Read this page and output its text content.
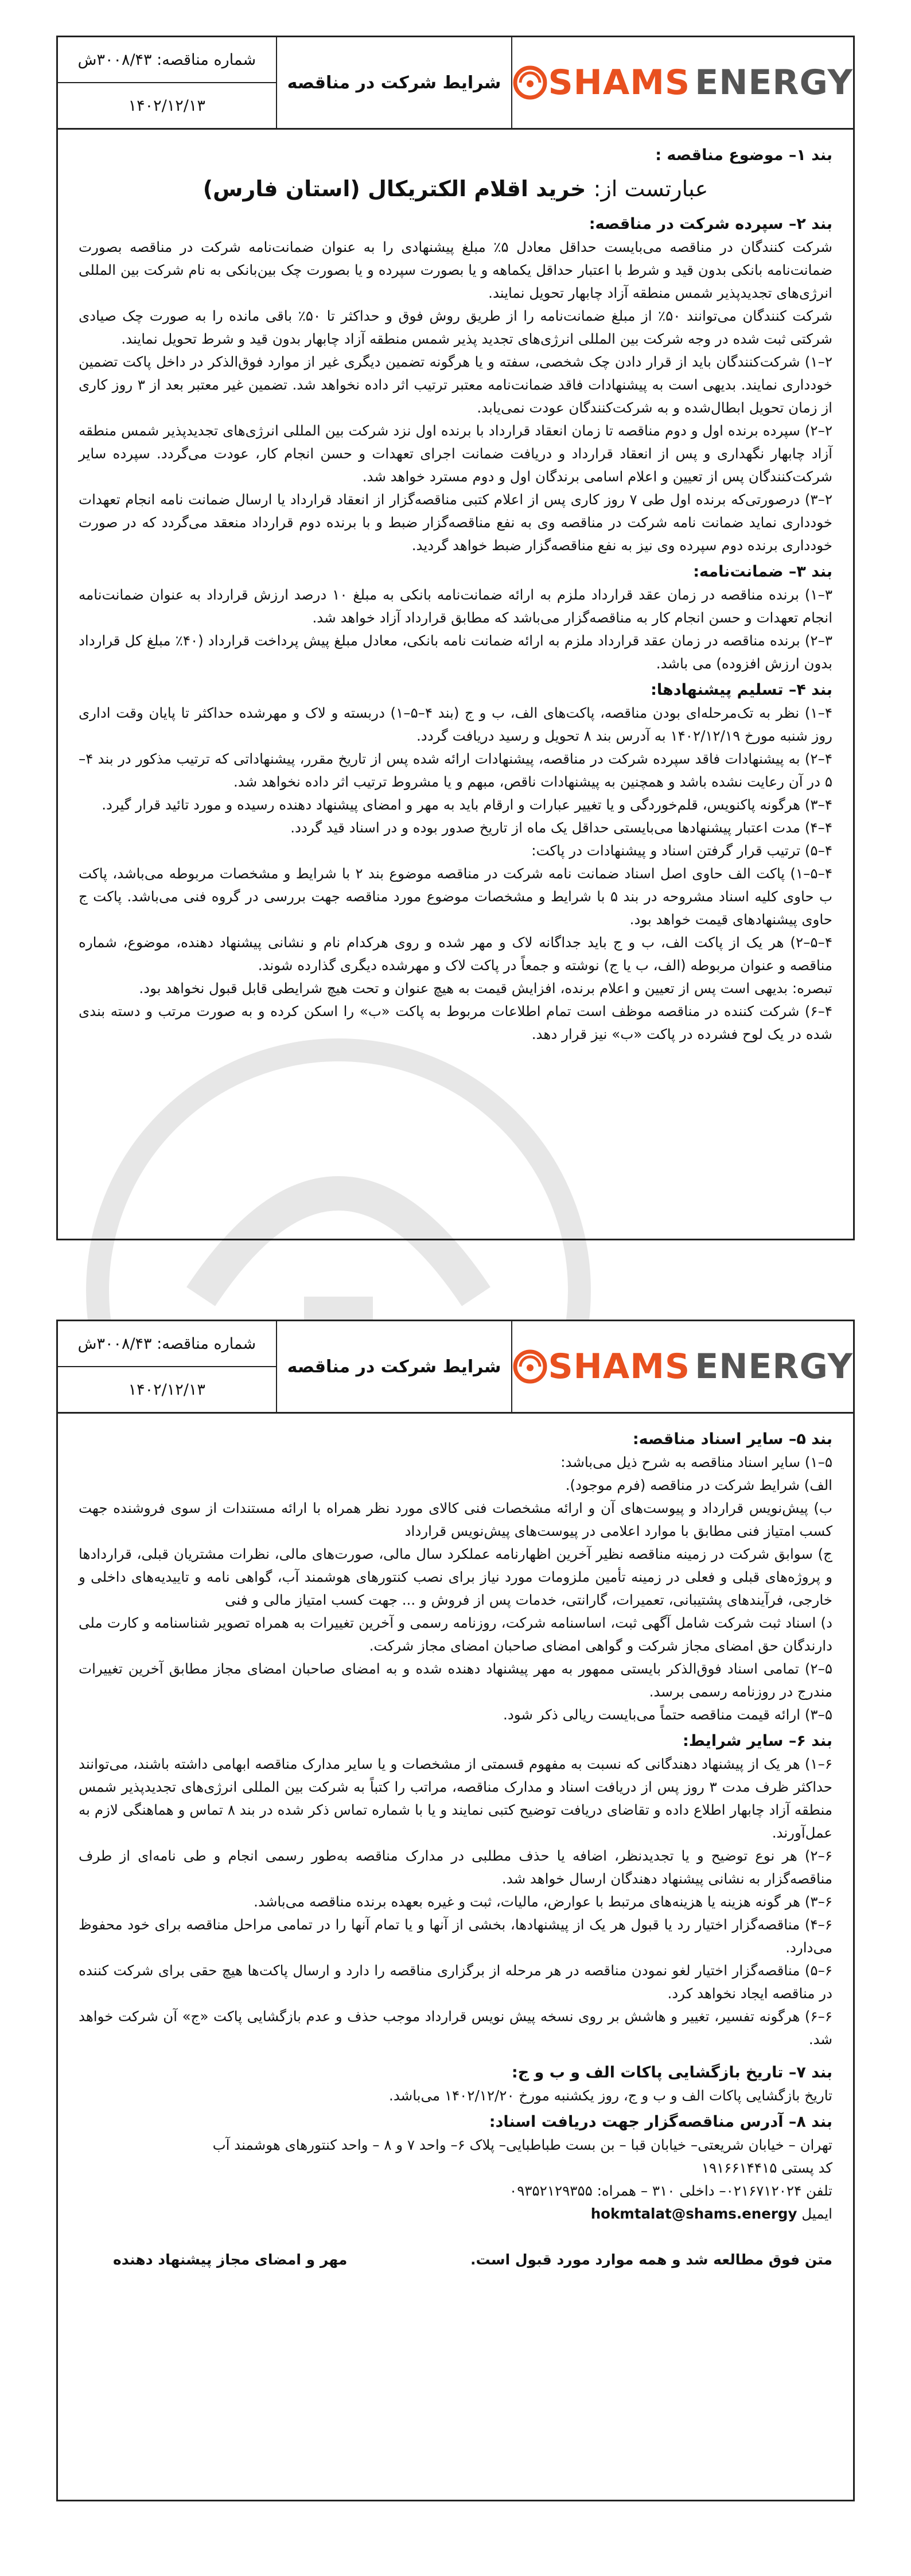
شماره مناقصه: ۳۰۰۸/۴۳ش
۱۴۰۲/۱۲/۱۳
شرایط شرکت در مناقصه	SHAMS ENERGY
بند ۱– موضوع مناقصه :
عبارتست از: خرید اقلام الکتریکال (استان فارس)
بند ۲– سپرده شرکت در مناقصه:

شرکت کنندگان در مناقصه می‌بایست حداقل معادل ۵٪ مبلغ پیشنهادی را به عنوان ضمانت‌نامه شرکت در مناقصه بصورت ضمانت‌نامه بانکی بدون قید و شرط با اعتبار حداقل یکماهه و یا بصورت سپرده و یا بصورت چک بین‌بانکی به نام شرکت بین المللی انرژی‌های تجدیدپذیر شمس منطقه آزاد چابهار تحویل نمایند.

شرکت کنندگان می‌توانند ۵۰٪ از مبلغ ضمانت‌نامه را از طریق روش فوق و حداکثر تا ۵۰٪ باقی مانده را به صورت چک صیادی شرکتی ثبت شده در وجه شرکت بین المللی انرژی‌های تجدید پذیر شمس منطقه آزاد چابهار بدون قید و شرط تحویل نمایند.

۲–۱) شرکت‌کنندگان باید از قرار دادن چک شخصی، سفته و یا هرگونه تضمین دیگری غیر از موارد فوق‌الذکر در داخل پاکت تضمین خودداری نمایند. بدیهی است به پیشنهادات فاقد ضمانت‌نامه معتبر ترتیب اثر داده نخواهد شد. تضمین غیر معتبر بعد از ۳ روز کاری از زمان تحویل ابطال‌شده و به شرکت‌کنندگان عودت نمی‌یابد.

۲–۲) سپرده برنده اول و دوم مناقصه تا زمان انعقاد قرارداد با برنده اول نزد شرکت بین المللی انرژی‌های تجدیدپذیر شمس منطقه آزاد چابهار نگهداری و پس از انعقاد قرارداد و دریافت ضمانت اجرای تعهدات و حسن انجام کار، عودت می‌گردد. سپرده سایر شرکت‌کنندگان پس از تعیین و اعلام اسامی برندگان اول و دوم مسترد خواهد شد.

۲–۳) درصورتی‌که برنده اول طی ۷ روز کاری پس از اعلام کتبی مناقصه‌گزار از انعقاد قرارداد یا ارسال ضمانت نامه انجام تعهدات خودداری نماید ضمانت نامه شرکت در مناقصه وی به نفع مناقصه‌گزار ضبط و با برنده دوم قرارداد منعقد می‌گردد که در صورت خودداری برنده دوم سپرده وی نیز به نفع مناقصه‌گزار ضبط خواهد گردید.

بند ۳– ضمانت‌نامه:

۳–۱) برنده مناقصه در زمان عقد قرارداد ملزم به ارائه ضمانت‌نامه بانکی به مبلغ ۱۰ درصد ارزش قرارداد به عنوان ضمانت‌نامه انجام تعهدات و حسن انجام کار به مناقصه‌گزار می‌باشد که مطابق قرارداد آزاد خواهد شد.

۳–۲) برنده مناقصه در زمان عقد قرارداد ملزم به ارائه ضمانت نامه بانکی، معادل مبلغ پیش پرداخت قرارداد (۴۰٪ مبلغ کل قرارداد بدون ارزش افزوده) می باشد.

بند ۴– تسلیم پیشنهادها:

۴–۱) نظر به تک‌مرحله‌ای بودن مناقصه، پاکت‌های الف، ب و ج (بند ۴–۵–۱) دربسته و لاک و مهرشده حداکثر تا پایان وقت اداری روز شنبه مورخ ۱۴۰۲/۱۲/۱۹ به آدرس بند ۸ تحویل و رسید دریافت گردد.

۴–۲) به پیشنهادات فاقد سپرده شرکت در مناقصه، پیشنهادات ارائه شده پس از تاریخ مقرر، پیشنهاداتی که ترتیب مذکور در بند ۴–۵ در آن رعایت نشده باشد و همچنین به پیشنهادات ناقص، مبهم و یا مشروط ترتیب اثر داده نخواهد شد.

۴–۳) هرگونه پاکنویس، قلم‌خوردگی و یا تغییر عبارات و ارقام باید به مهر و امضای پیشنهاد دهنده رسیده و مورد تائید قرار گیرد.

۴–۴) مدت اعتبار پیشنهادها می‌بایستی حداقل یک ماه از تاریخ صدور بوده و در اسناد قید گردد.

۴–۵) ترتیب قرار گرفتن اسناد و پیشنهادات در پاکت:

۴–۵–۱) پاکت الف حاوی اصل اسناد ضمانت نامه شرکت در مناقصه موضوع بند ۲ با شرایط و مشخصات مربوطه می‌باشد، پاکت ب حاوی کلیه اسناد مشروحه در بند ۵ با شرایط و مشخصات موضوع مورد مناقصه جهت بررسی در گروه فنی می‌باشد. پاکت ج حاوی پیشنهادهای قیمت خواهد بود.

۴–۵–۲) هر یک از پاکت الف، ب و ج باید جداگانه لاک و مهر شده و روی هرکدام نام و نشانی پیشنهاد دهنده، موضوع، شماره مناقصه و عنوان مربوطه (الف، ب یا ج) نوشته و جمعاً در پاکت لاک و مهرشده دیگری گذارده شوند.

تبصره: بدیهی است پس از تعیین و اعلام برنده، افزایش قیمت به هیچ عنوان و تحت هیچ شرایطی قابل قبول نخواهد بود.

۴–۶) شرکت کننده در مناقصه موظف است تمام اطلاعات مربوط به پاکت «ب» را اسکن کرده و به صورت مرتب و دسته بندی شده در یک لوح فشرده در پاکت «ب» نیز قرار دهد.

شماره مناقصه: ۳۰۰۸/۴۳ش
۱۴۰۲/۱۲/۱۳
شرایط شرکت در مناقصه	SHAMS ENERGY
بند ۵– سایر اسناد مناقصه:

۵–۱) سایر اسناد مناقصه به شرح ذیل می‌باشد:

الف) شرایط شرکت در مناقصه (فرم موجود).

ب) پیش‌نویس قرارداد و پیوست‌های آن و ارائه مشخصات فنی کالای مورد نظر همراه با ارائه مستندات از سوی فروشنده جهت کسب امتیاز فنی مطابق با موارد اعلامی در پیوست‌های پیش‌نویس قرارداد

ج) سوابق شرکت در زمینه مناقصه نظیر آخرین اظهارنامه عملکرد سال مالی، صورت‌های مالی، نظرات مشتریان قبلی، قراردادها و پروژه‌های قبلی و فعلی در زمینه تأمین ملزومات مورد نیاز برای نصب کنتورهای هوشمند آب، گواهی نامه و تاییدیه‌های داخلی و خارجی، فرآیندهای پشتیبانی، تعمیرات، گارانتی، خدمات پس از فروش و ... جهت کسب امتیاز مالی و فنی

د) اسناد ثبت شرکت شامل آگهی ثبت، اساسنامه شرکت، روزنامه رسمی و آخرین تغییرات به همراه تصویر شناسنامه و کارت ملی دارندگان حق امضای مجاز شرکت و گواهی امضای صاحبان امضای مجاز شرکت.

۵–۲) تمامی اسناد فوق‌الذکر بایستی ممهور به مهر پیشنهاد دهنده شده و به امضای صاحبان امضای مجاز مطابق آخرین تغییرات مندرج در روزنامه رسمی برسد.

۵–۳) ارائه قیمت مناقصه حتماً می‌بایست ریالی ذکر شود.

بند ۶– سایر شرایط:

۶–۱) هر یک از پیشنهاد دهندگانی که نسبت به مفهوم قسمتی از مشخصات و یا سایر مدارک مناقصه ابهامی داشته باشند، می‌توانند حداکثر ظرف مدت ۳ روز پس از دریافت اسناد و مدارک مناقصه، مراتب را کتباً به شرکت بین المللی انرژی‌های تجدیدپذیر شمس منطقه آزاد چابهار اطلاع داده و تقاضای دریافت توضیح کتبی نمایند و یا با شماره تماس ذکر شده در بند ۸ تماس و هماهنگی لازم به عمل‌آورند.

۶–۲) هر نوع توضیح و یا تجدیدنظر، اضافه یا حذف مطلبی در مدارک مناقصه به‌طور رسمی انجام و طی نامه‌ای از طرف مناقصه‌گزار به نشانی پیشنهاد دهندگان ارسال خواهد شد.

۶–۳) هر گونه هزینه یا هزینه‌های مرتبط با عوارض، مالیات، ثبت و غیره بعهده برنده مناقصه می‌باشد.

۶–۴) مناقصه‌گزار اختیار رد یا قبول هر یک از پیشنهادها، بخشی از آنها و یا تمام آنها را در تمامی مراحل مناقصه برای خود محفوظ می‌دارد.

۶–۵) مناقصه‌گزار اختیار لغو نمودن مناقصه در هر مرحله از برگزاری مناقصه را دارد و ارسال پاکت‌ها هیچ حقی برای شرکت کننده در مناقصه ایجاد نخواهد کرد.

۶–۶) هرگونه تفسیر، تغییر و هاشش بر روی نسخه پیش نویس قرارداد موجب حذف و عدم بازگشایی پاکت «ج» آن شرکت خواهد شد.

بند ۷– تاریخ بازگشایی پاکات الف و ب و ج:

تاریخ بازگشایی پاکات الف و ب و ج، روز یکشنبه مورخ ۱۴۰۲/۱۲/۲۰ می‌باشد.

بند ۸– آدرس مناقصه‌گزار جهت دریافت اسناد:

تهران – خیابان شریعتی– خیابان قبا – بن بست طباطبایی– پلاک ۶– واحد ۷ و ۸ – واحد کنتورهای هوشمند آب

کد پستی ۱۹۱۶۶۱۴۴۱۵

تلفن ۰۲۱۶۷۱۲۰۲۴– داخلی ۳۱۰ – همراه: ۰۹۳۵۲۱۲۹۳۵۵

ایمیل hokmtalat@shams.energy

متن فوق مطالعه شد و همه موارد مورد قبول است.
مهر و امضای مجاز پیشنهاد دهنده
